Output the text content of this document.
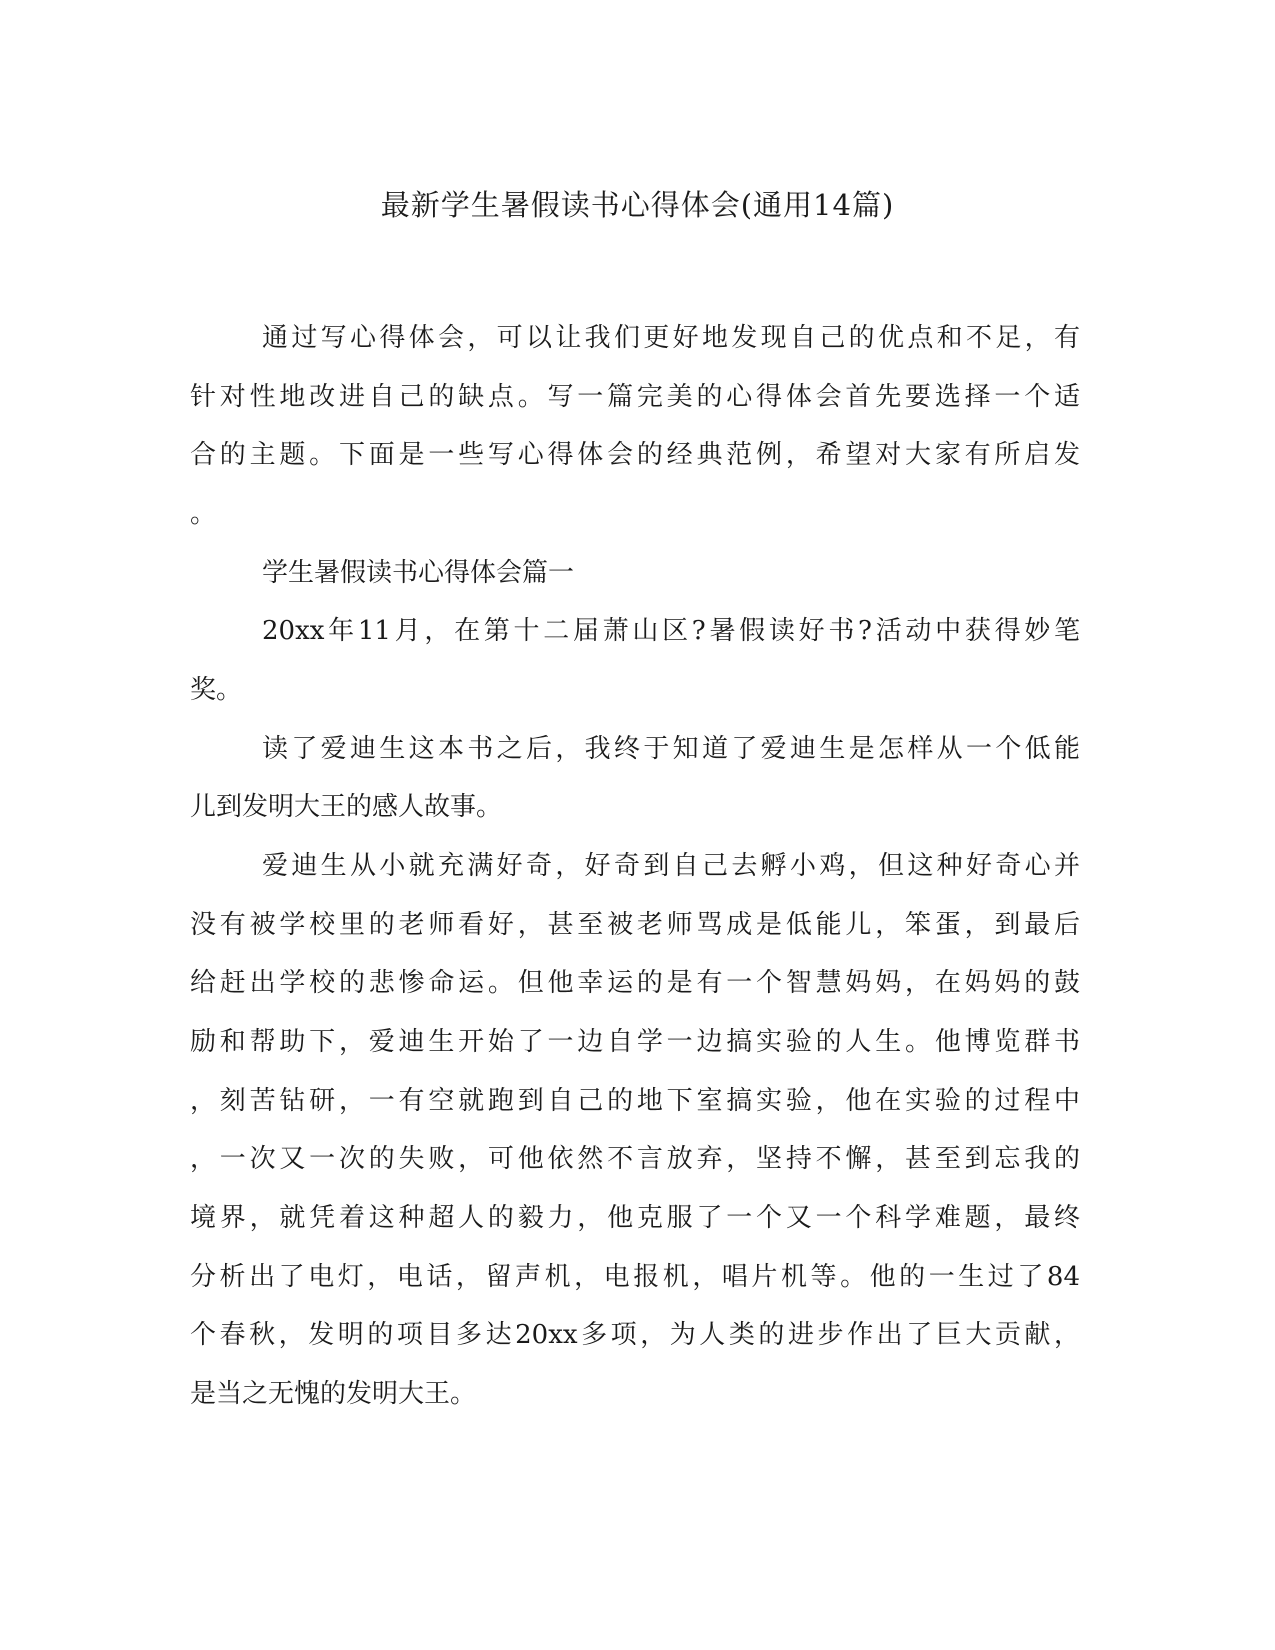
最新学生暑假读书心得体会(通用14篇)

通过写心得体会，可以让我们更好地发现自己的优点和不足，有

针对性地改进自己的缺点。写一篇完美的心得体会首先要选择一个适

合的主题。下面是一些写心得体会的经典范例，希望对大家有所启发

。

学生暑假读书心得体会篇一

20xx年11月，在第十二届萧山区?暑假读好书?活动中获得妙笔

奖。

读了爱迪生这本书之后，我终于知道了爱迪生是怎样从一个低能

儿到发明大王的感人故事。

爱迪生从小就充满好奇，好奇到自己去孵小鸡，但这种好奇心并

没有被学校里的老师看好，甚至被老师骂成是低能儿，笨蛋，到最后

给赶出学校的悲惨命运。但他幸运的是有一个智慧妈妈，在妈妈的鼓

励和帮助下，爱迪生开始了一边自学一边搞实验的人生。他博览群书

，刻苦钻研，一有空就跑到自己的地下室搞实验，他在实验的过程中

，一次又一次的失败，可他依然不言放弃，坚持不懈，甚至到忘我的

境界，就凭着这种超人的毅力，他克服了一个又一个科学难题，最终

分析出了电灯，电话，留声机，电报机，唱片机等。他的一生过了84

个春秋，发明的项目多达20xx多项，为人类的进步作出了巨大贡献，

是当之无愧的发明大王。
